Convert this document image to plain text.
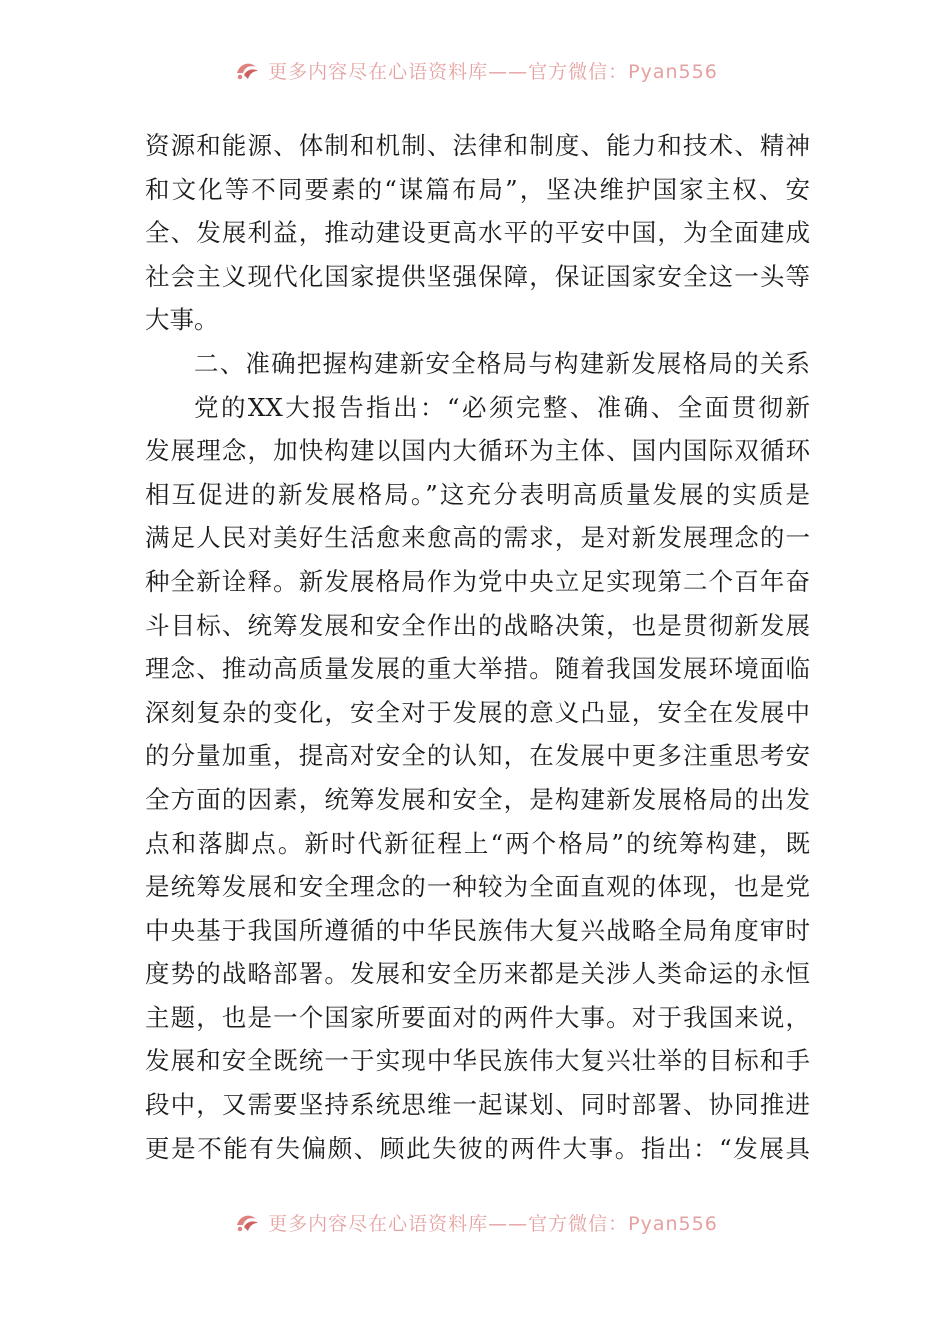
更多内容尽在心语资料库——官方微信：Pyan556
资源和能源、体制和机制、法律和制度、能力和技术、精神
和文化等不同要素的“谋篇布局”，坚决维护国家主权、安
全、发展利益，推动建设更高水平的平安中国，为全面建成
社会主义现代化国家提供坚强保障，保证国家安全这一头等
大事。
二、准确把握构建新安全格局与构建新发展格局的关系
党的XX大报告指出：“必须完整、准确、全面贯彻新
发展理念，加快构建以国内大循环为主体、国内国际双循环
相互促进的新发展格局。”这充分表明高质量发展的实质是
满足人民对美好生活愈来愈高的需求，是对新发展理念的一
种全新诠释。新发展格局作为党中央立足实现第二个百年奋
斗目标、统筹发展和安全作出的战略决策，也是贯彻新发展
理念、推动高质量发展的重大举措。随着我国发展环境面临
深刻复杂的变化，安全对于发展的意义凸显，安全在发展中
的分量加重，提高对安全的认知，在发展中更多注重思考安
全方面的因素，统筹发展和安全，是构建新发展格局的出发
点和落脚点。新时代新征程上“两个格局”的统筹构建，既
是统筹发展和安全理念的一种较为全面直观的体现，也是党
中央基于我国所遵循的中华民族伟大复兴战略全局角度审时
度势的战略部署。发展和安全历来都是关涉人类命运的永恒
主题，也是一个国家所要面对的两件大事。对于我国来说，
发展和安全既统一于实现中华民族伟大复兴壮举的目标和手
段中，又需要坚持系统思维一起谋划、同时部署、协同推进
更是不能有失偏颇、顾此失彼的两件大事。指出：“发展具
更多内容尽在心语资料库——官方微信：Pyan556
